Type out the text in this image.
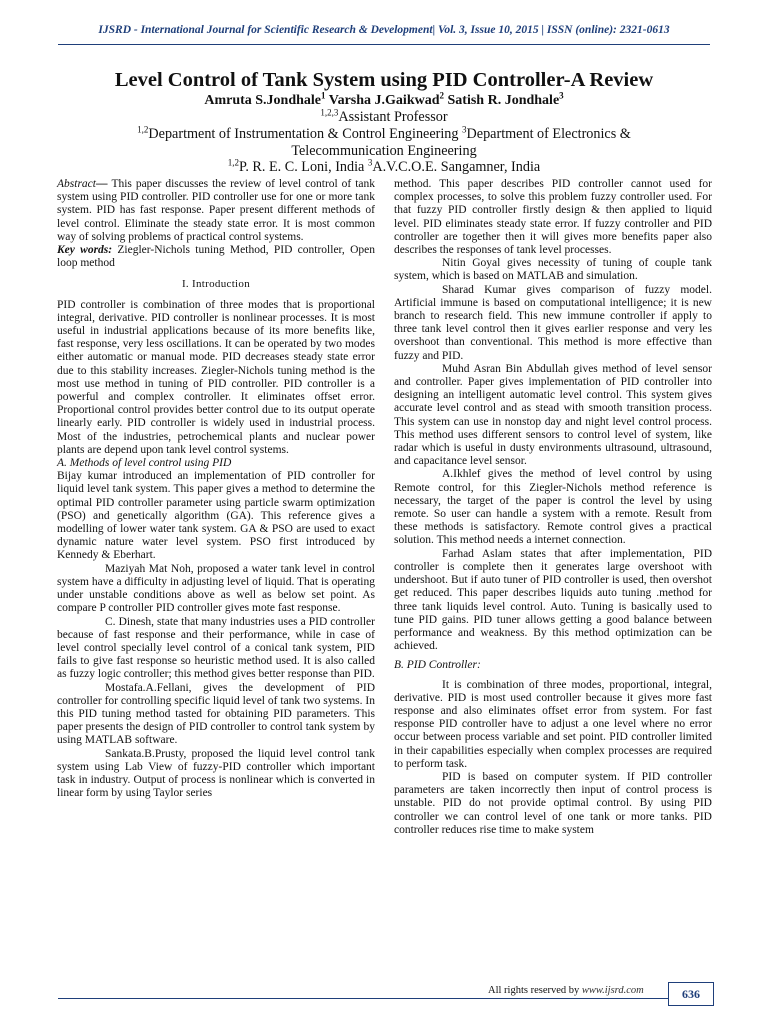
IJSRD - International Journal for Scientific Research & Development| Vol. 3, Issue 10, 2015 | ISSN (online): 2321-0613
Level Control of Tank System using PID Controller-A Review
Amruta S.Jondhale$^1$ Varsha J.Gaikwad$^2$ Satish R. Jondhale$^3$
$^{1,2,3}$Assistant Professor
$^{1,2}$Department of Instrumentation & Control Engineering $^3$Department of Electronics &
Telecommunication Engineering
$^{1,2}$P. R. E. C. Loni, India $^3$A.V.C.O.E. Sangamner, India

Abstract— This paper discusses the review of level control of tank system using PID controller. PID controller use for one or more tank system. PID has fast response. Paper present different methods of level control. Eliminate the steady state error. It is most common way of solving problems of practical control systems.

Key words: Ziegler-Nichols tuning Method, PID controller, Open loop method

I. Introduction

PID controller is combination of three modes that is proportional integral, derivative. PID controller is nonlinear processes. It is most useful in industrial applications because of its more benefits like, fast response, very less oscillations. It can be operated by two modes either automatic or manual mode. PID decreases steady state error due to this stability increases. Ziegler-Nichols tuning method is the most use method in tuning of PID controller. PID controller is a powerful and complex controller. It eliminates offset error. Proportional control provides better control due to its output operate linearly early. PID controller is widely used in industrial process. Most of the industries, petrochemical plants and nuclear power plants are depend upon tank level control systems.

A. Methods of level control using PID

Bijay kumar introduced an implementation of PID controller for liquid level tank system. This paper gives a method to determine the optimal PID controller parameter using particle swarm optimization (PSO) and genetically algorithm (GA). This reference gives a modelling of lower water tank system. GA & PSO are used to exact dynamic nature water level system. PSO first introduced by Kennedy & Eberhart.

Maziyah Mat Noh, proposed a water tank level in control system have a difficulty in adjusting level of liquid. That is operating under unstable conditions above as well as below set point. As compare P controller PID controller gives mote fast response.

C. Dinesh, state that many industries uses a PID controller because of fast response and their performance, while in case of level control specially level control of a conical tank system, PID fails to give fast response so heuristic method used. It is also called as fuzzy logic controller; this method gives better response than PID.

Mostafa.A.Fellani, gives the development of PID controller for controlling specific liquid level of tank two systems. In this PID tuning method tasted for obtaining PID parameters. This paper presents the design of PID controller to control tank system by using MATLAB software.

Sankata.B.Prusty, proposed the liquid level control tank system using Lab View of fuzzy-PID controller which important task in industry. Output of process is nonlinear which is converted in linear form by using Taylor series

method. This paper describes PID controller cannot used for complex processes, to solve this problem fuzzy controller used. For that fuzzy PID controller firstly design & then applied to liquid level. PID eliminates steady state error. If fuzzy controller and PID controller are together then it will gives more benefits paper also describes the responses of tank level processes.

Nitin Goyal gives necessity of tuning of couple tank system, which is based on MATLAB and simulation.

Sharad Kumar gives comparison of fuzzy model. Artificial immune is based on computational intelligence; it is new branch to research field. This new immune controller if apply to three tank level control then it gives earlier response and very les overshoot than conventional. This method is more effective than fuzzy and PID.

Muhd Asran Bin Abdullah gives method of level sensor and controller. Paper gives implementation of PID controller into designing an intelligent automatic level control. This system gives accurate level control and as stead with smooth transition process. This system can use in nonstop day and night level control process. This method uses different sensors to control level of system, like radar which is useful in dusty environments ultrasound, ultrasound, and capacitance level sensor.

A.Ikhlef gives the method of level control by using Remote control, for this Ziegler-Nichols method reference is necessary, the target of the paper is control the level by using remote. So user can handle a system with a remote. Result from these methods is satisfactory. Remote control gives a practical solution. This method needs a internet connection.

Farhad Aslam states that after implementation, PID controller is complete then it generates large overshoot with undershoot. But if auto tuner of PID controller is used, then overshot get reduced. This paper describes liquids auto tuning .method for three tank liquids level control. Auto. Tuning is basically used to tune PID gains. PID tuner allows getting a good balance between performance and weakness. By this method optimization can be achieved.

B. PID Controller:

It is combination of three modes, proportional, integral, derivative. PID is most used controller because it gives more fast response and also eliminates offset error from system. For fast response PID controller have to adjust a one level where no error occur between process variable and set point. PID controller limited in their capabilities especially when complex processes are required to perform task.

PID is based on computer system. If PID controller parameters are taken incorrectly then input of control process is unstable. PID do not provide optimal control. By using PID controller we can control level of one tank or more tanks. PID controller reduces rise time to make system

All rights reserved by www.ijsrd.com	636
